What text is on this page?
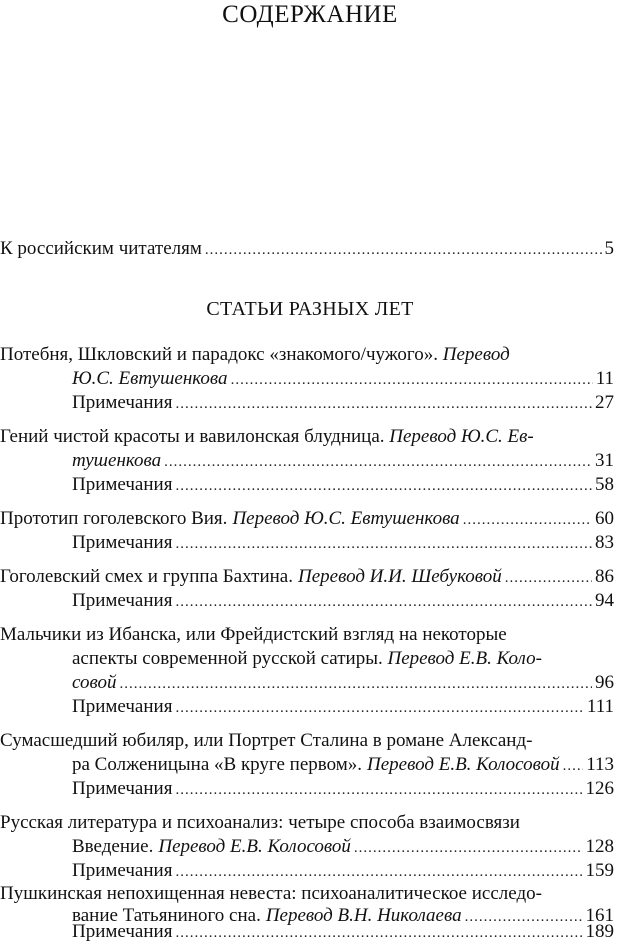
СОДЕРЖАНИЕ
К российским читателям .....	5
СТАТЬИ РАЗНЫХ ЛЕТ
Потебня, Шкловский и парадокс «знакомого/чужого». Перевод
Ю.С. Евтушенкова .....	11
Примечания .....	27
Гений чистой красоты и вавилонская блудница. Перевод Ю.С. Ев-
тушенкова .....	31
Примечания .....	58
Прототип гоголевского Вия. Перевод Ю.С. Евтушенкова .....	60
Примечания .....	83
Гоголевский смех и группа Бахтина. Перевод И.И. Шебуковой .....	86
Примечания .....	94
Мальчики из Ибанска, или Фрейдистский взгляд на некоторые
аспекты современной русской сатиры. Перевод Е.В. Коло-
совой .....	96
Примечания .....	111
Сумасшедший юбиляр, или Портрет Сталина в романе Александ-
ра Солженицына «В круге первом». Перевод Е.В. Колосовой ..... 113
Примечания .....	126
Русская литература и психоанализ: четыре способа взаимосвязи
Введение. Перевод Е.В. Колосовой .....	128
Примечания .....	159
Пушкинская непохищенная невеста: психоаналитическое исследо-
вание Татьяниного сна. Перевод В.Н. Николаева .....	161
Примечания .....	189
